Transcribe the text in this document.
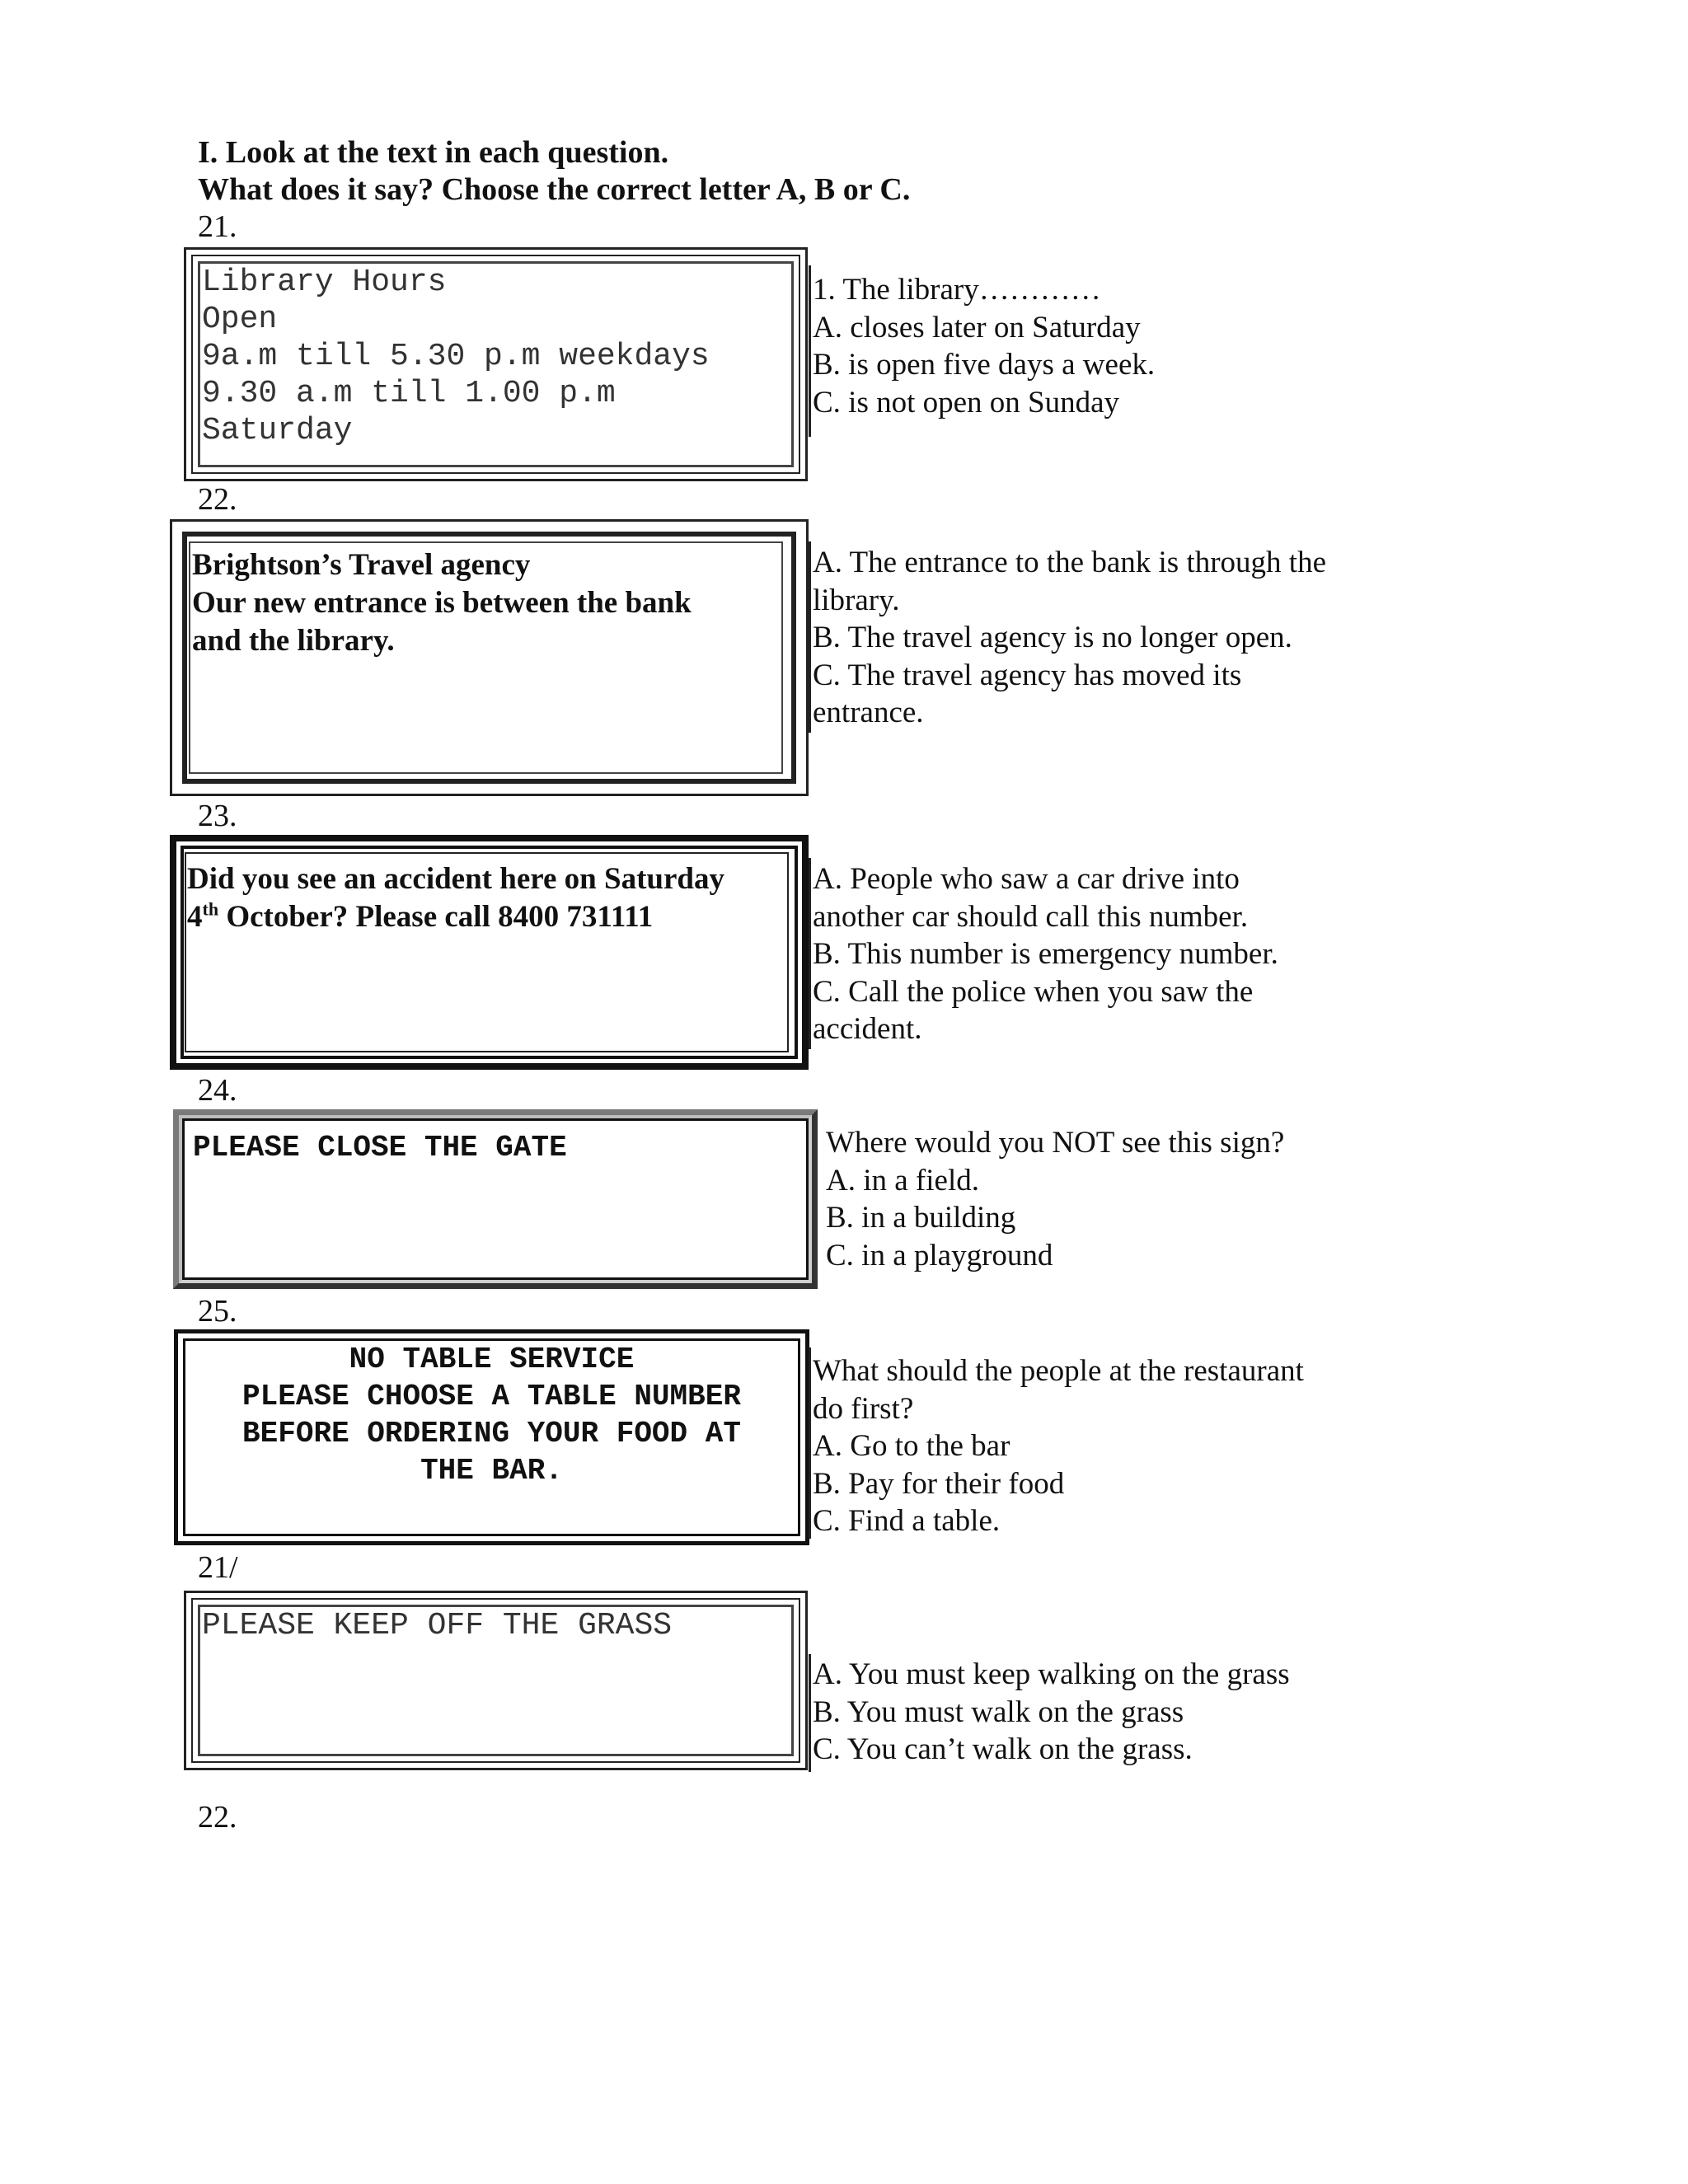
I. Look at the text in each question.
What does it say? Choose the correct letter A, B or C.
21.
Library Hours
Open
9a.m till 5.30 p.m weekdays
9.30 a.m till 1.00 p.m
Saturday
1. The library…………
A. closes later on Saturday
B. is open five days a week.
C. is not open on Sunday
22.
Brightson’s Travel agency
Our new entrance is between the bank
and the library.
A. The entrance to the bank is through the
library.
B. The travel agency is no longer open.
C. The travel agency has moved its
entrance.
23.
Did you see an accident here on Saturday
4th October? Please call 8400 731111
A. People who saw a car drive into
another car should call this number.
B. This number is emergency number.
C. Call the police when you saw the
accident.
24.
PLEASE CLOSE THE GATE	Where would you NOT see this sign?
A. in a field.
B. in a building
C. in a playground
25.
NO TABLE SERVICE
PLEASE CHOOSE A TABLE NUMBER
BEFORE ORDERING YOUR FOOD AT
THE BAR.
What should the people at the restaurant
do first?
A. Go to the bar
B. Pay for their food
C. Find a table.
21/
PLEASE KEEP OFF THE GRASS
A. You must keep walking on the grass
B. You must walk on the grass
C. You can’t walk on the grass.
22.
